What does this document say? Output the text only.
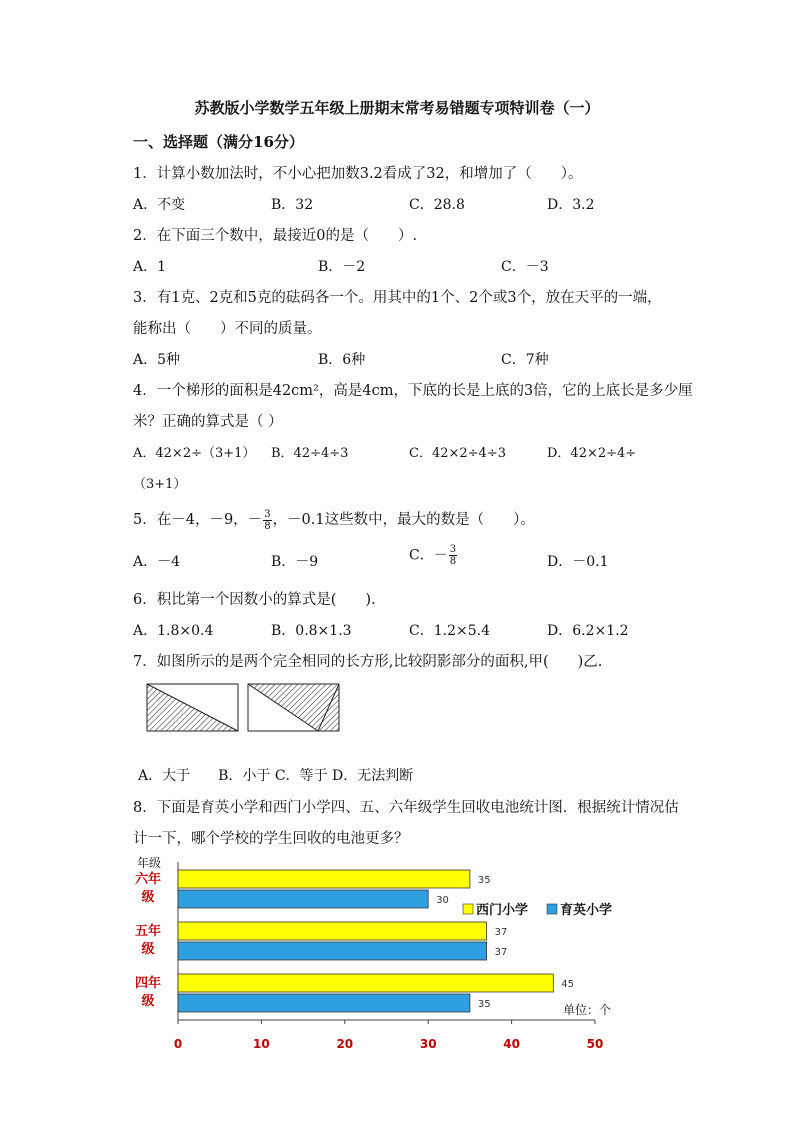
苏教版小学数学五年级上册期末常考易错题专项特训卷（一）
一、选择题（满分16分）
1．计算小数加法时，不小心把加数3.2看成了32，和增加了（　　）。
A．不变	B．32	C．28.8	D．3.2
2．在下面三个数中，最接近0的是（　　）.
A．1	B．－2	C．－3
3．有1克、2克和5克的砝码各一个。用其中的1个、2个或3个，放在天平的一端，
能称出（　　）不同的质量。
A．5种	B．6种	C．7种
4．一个梯形的面积是42cm²，高是4cm，下底的长是上底的3倍，它的上底长是多少厘
米？正确的算式是（ ）
A．42×2÷（3+1） B．42÷4÷3	C．42×2÷4÷3	D．42×2÷4÷
（3+1）
5．在－4，－9，－ $\frac{3}{8}$ ，－0.1这些数中，最大的数是（　　）。
A．－4	B．－9	C．－ $\frac{3}{8}$	D．－0.1
6．积比第一个因数小的算式是(　　).
A．1.8×0.4	B．0.8×1.3	C．1.2×5.4	D．6.2×1.2
7．如图所示的是两个完全相同的长方形,比较阴影部分的面积,甲(　　)乙.
A．大于　　B．小于 C．等于 D．无法判断
8．下面是育英小学和西门小学四、五、六年级学生回收电池统计图．根据统计情况估
计一下，哪个学校的学生回收的电池更多？
0	10	20	30	40	50
35
30
六年
级
37
37
五年
级
45
35
四年
级
年级
西门小学 育英小学
单位：个
